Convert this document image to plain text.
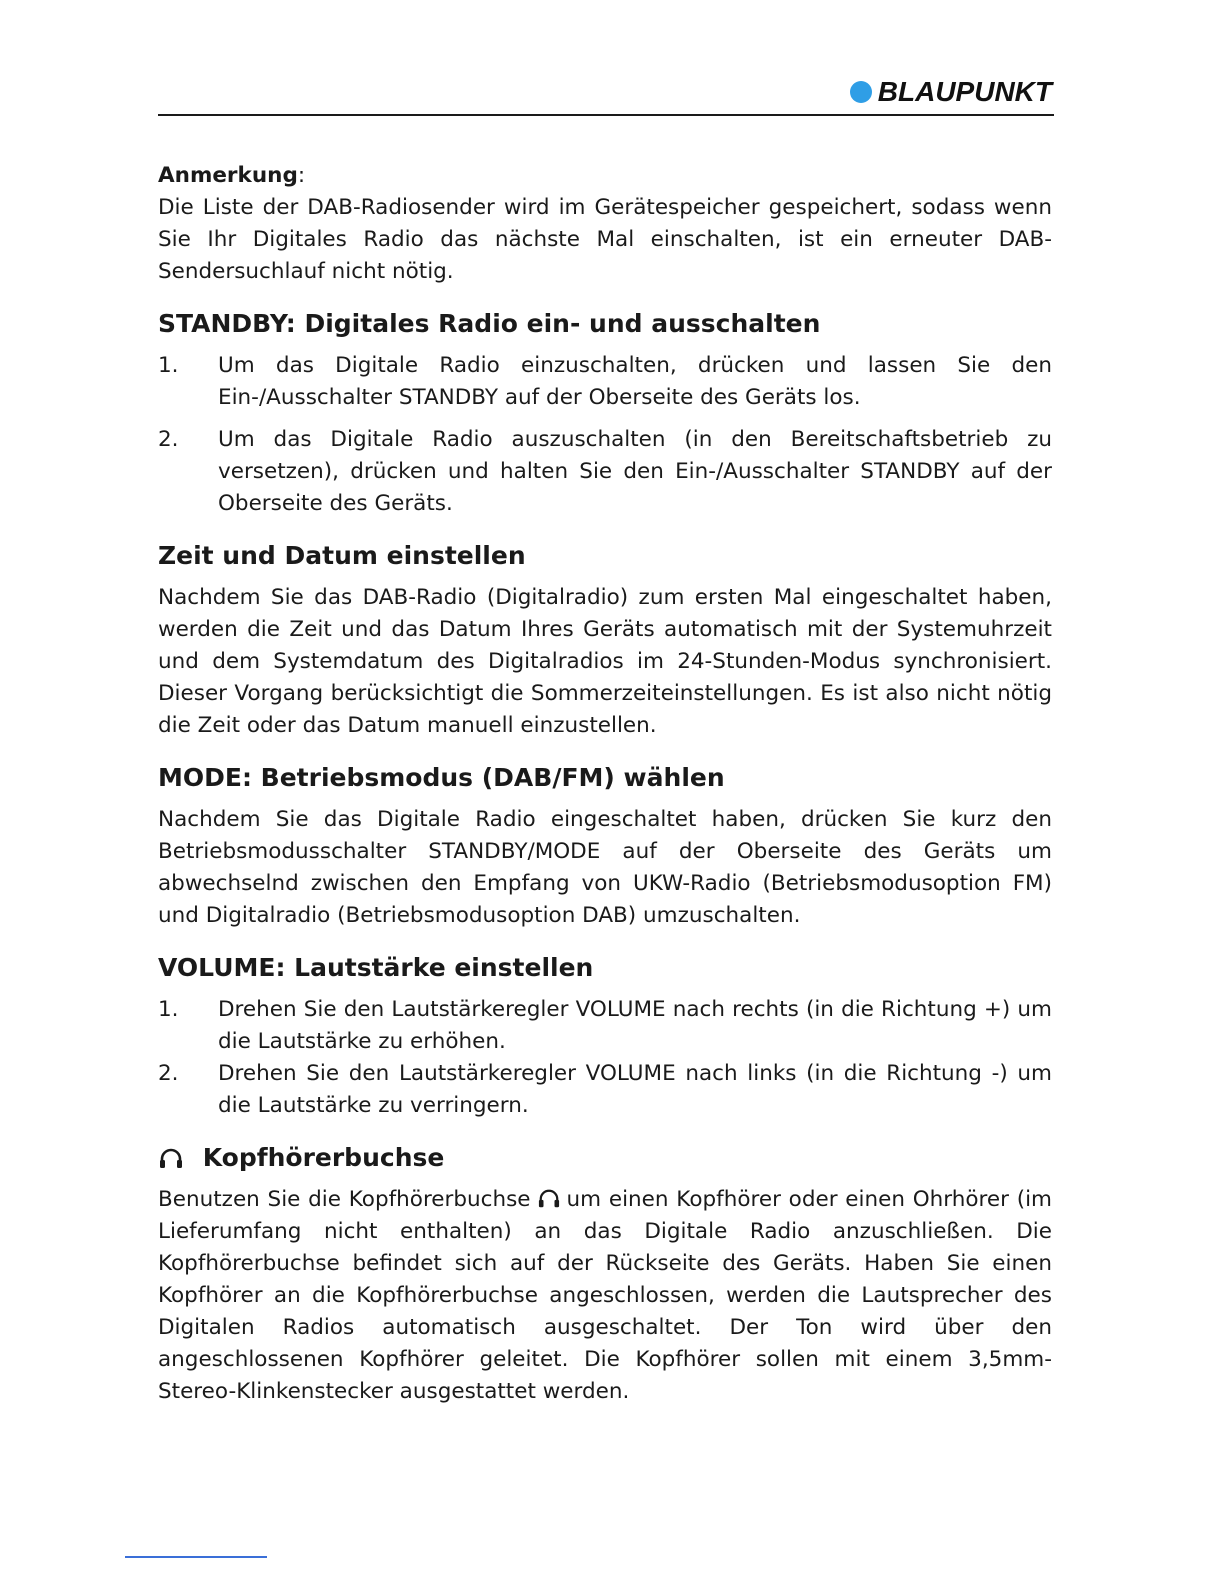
BLAUPUNKT
Anmerkung:

Die Liste der DAB-Radiosender wird im Gerätespeicher gespeichert, sodass wenn Sie Ihr Digitales Radio das nächste Mal einschalten, ist ein erneuter DAB-Sendersuchlauf nicht nötig.

STANDBY: Digitales Radio ein- und ausschalten
1.	Um das Digitale Radio einzuschalten, drücken und lassen Sie den Ein-/Ausschalter STANDBY auf der Oberseite des Geräts los.
2.	Um das Digitale Radio auszuschalten (in den Bereitschaftsbetrieb zu versetzen), drücken und halten Sie den Ein-/Ausschalter STANDBY auf der Oberseite des Geräts.
Zeit und Datum einstellen

Nachdem Sie das DAB-Radio (Digitalradio) zum ersten Mal eingeschaltet haben, werden die Zeit und das Datum Ihres Geräts automatisch mit der Systemuhrzeit und dem Systemdatum des Digitalradios im 24-Stunden-Modus synchronisiert. Dieser Vorgang berücksichtigt die Sommerzeiteinstellungen. Es ist also nicht nötig die Zeit oder das Datum manuell einzustellen.

MODE: Betriebsmodus (DAB/FM) wählen

Nachdem Sie das Digitale Radio eingeschaltet haben, drücken Sie kurz den Betriebsmodusschalter STANDBY/MODE auf der Oberseite des Geräts um abwechselnd zwischen den Empfang von UKW-Radio (Betriebsmodusoption FM) und Digitalradio (Betriebsmodusoption DAB) umzuschalten.

VOLUME: Lautstärke einstellen
1.	Drehen Sie den Lautstärkeregler VOLUME nach rechts (in die Richtung +) um die Lautstärke zu erhöhen.
2.	Drehen Sie den Lautstärkeregler VOLUME nach links (in die Richtung -) um die Lautstärke zu verringern.
Kopfhörerbuchse

Benutzen Sie die Kopfhörerbuchse um einen Kopfhörer oder einen Ohrhörer (im Lieferumfang nicht enthalten) an das Digitale Radio anzuschließen. Die Kopfhörerbuchse befindet sich auf der Rückseite des Geräts. Haben Sie einen Kopfhörer an die Kopfhörerbuchse angeschlossen, werden die Lautsprecher des Digitalen Radios automatisch ausgeschaltet. Der Ton wird über den angeschlossenen Kopfhörer geleitet. Die Kopfhörer sollen mit einem 3,5mm-Stereo-Klinkenstecker ausgestattet werden.
